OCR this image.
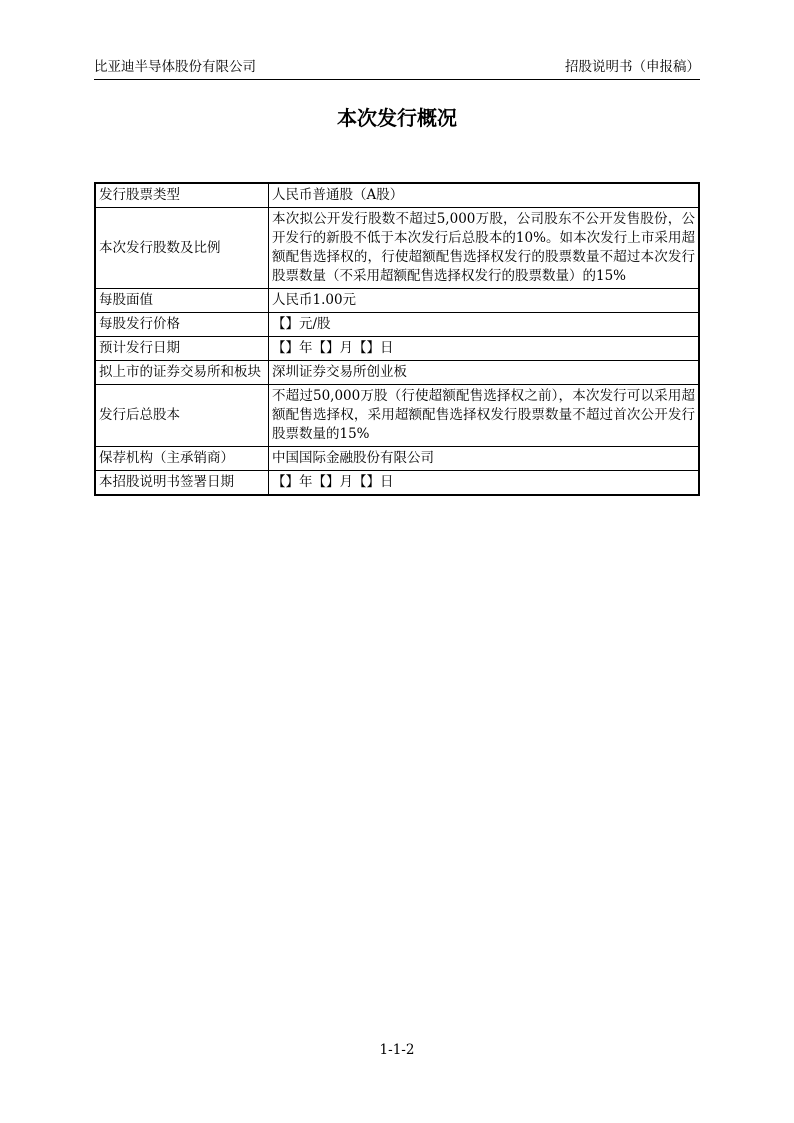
比亚迪半导体股份有限公司	招股说明书（申报稿）
本次发行概况
发行股票类型	人民币普通股（A股）
本次发行股数及比例	本次拟公开发行股数不超过5,000万股，公司股东不公开发售股份，公开发行的新股不低于本次发行后总股本的10%。如本次发行上市采用超额配售选择权的，行使超额配售选择权发行的股票数量不超过本次发行股票数量（不采用超额配售选择权发行的股票数量）的15%
每股面值	人民币1.00元
每股发行价格	【】元/股
预计发行日期	【】年【】月【】日
拟上市的证券交易所和板块	深圳证券交易所创业板
发行后总股本	不超过50,000万股（行使超额配售选择权之前），本次发行可以采用超额配售选择权，采用超额配售选择权发行股票数量不超过首次公开发行股票数量的15%
保荐机构（主承销商）	中国国际金融股份有限公司
本招股说明书签署日期	【】年【】月【】日
1-1-2
